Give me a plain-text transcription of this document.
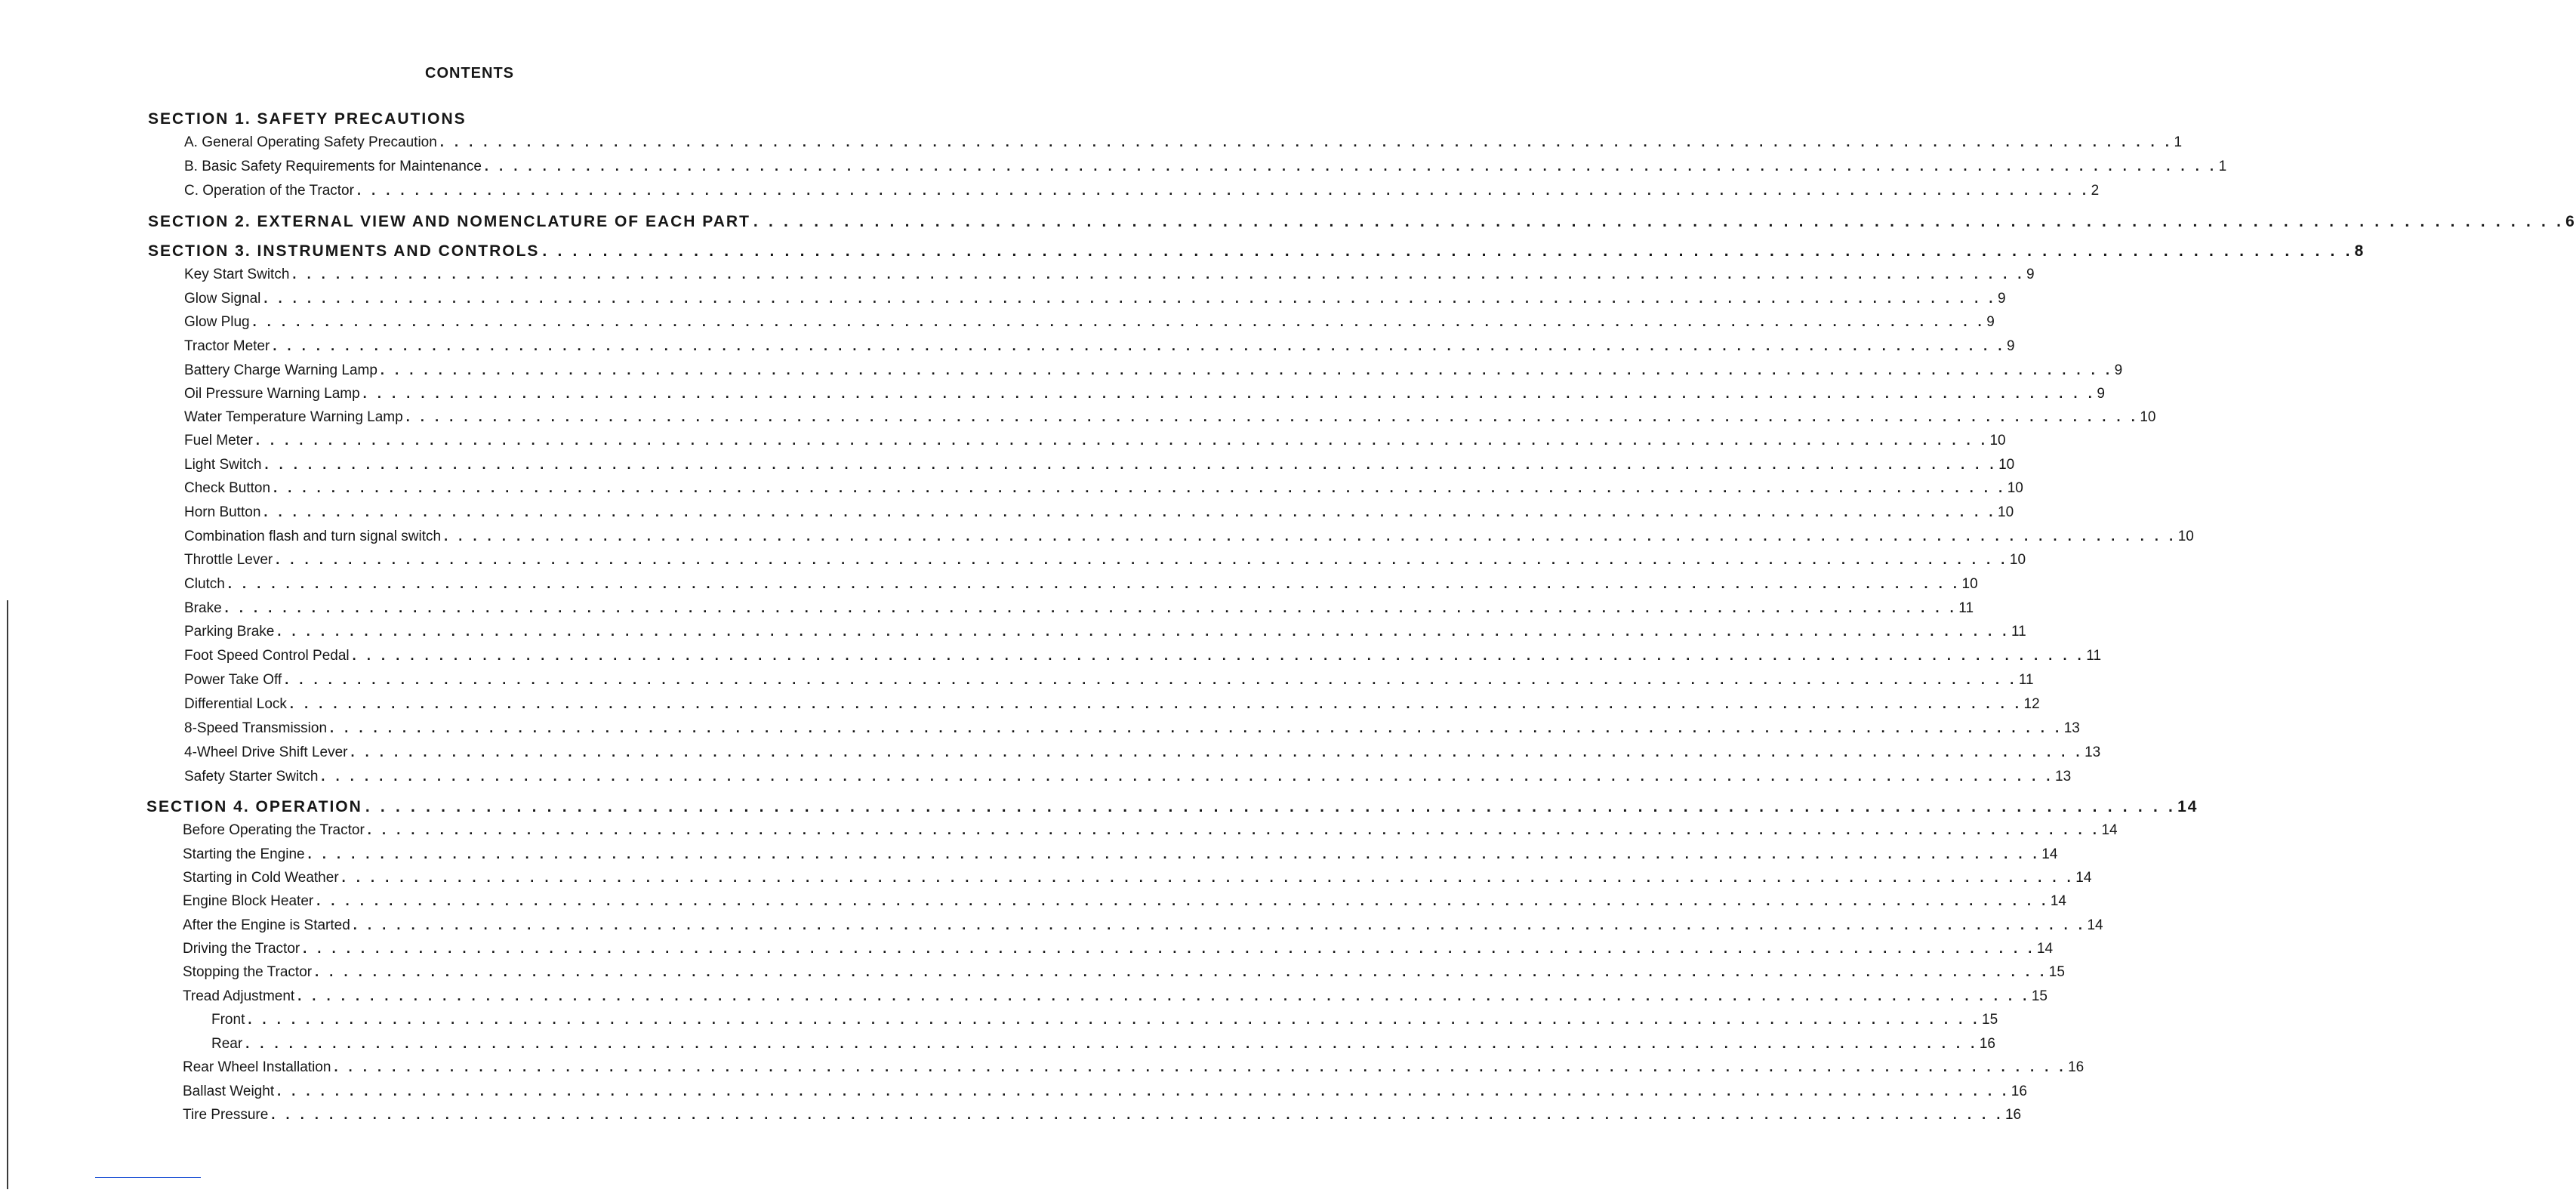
CONTENTS
SECTION 1. SAFETY PRECAUTIONS
A. General Operating Safety Precaution . . . . . . . . . . . . . . . . . . . . . . . . . . . . . . . . . . . . . . . . . . . . . . . . . . . . . . . . . . . . . . . . . . . . . . . . . . . . . . . . . . . . . . . . . . . . . . . . . . . . . . . . . . . . . . . . . . . . . . . . 1
B. Basic Safety Requirements for Maintenance . . . . . . . . . . . . . . . . . . . . . . . . . . . . . . . . . . . . . . . . . . . . . . . . . . . . . . . . . . . . . . . . . . . . . . . . . . . . . . . . . . . . . . . . . . . . . . . . . . . . . . . . . . . . . . . . . . . . . . . . 1
C. Operation of the Tractor . . . . . . . . . . . . . . . . . . . . . . . . . . . . . . . . . . . . . . . . . . . . . . . . . . . . . . . . . . . . . . . . . . . . . . . . . . . . . . . . . . . . . . . . . . . . . . . . . . . . . . . . . . . . . . . . . . . . . . . . 2
SECTION 2. EXTERNAL VIEW AND NOMENCLATURE OF EACH PART . . . . . . . . . . . . . . . . . . . . . . . . . . . . . . . . . . . . . . . . . . . . . . . . . . . . . . . . . . . . . . . . . . . . . . . . . . . . . . . . . . . . . . . . . . . . . . . . . . . . . . . . . . . . . . . . . . . . . . . . 6
SECTION 3. INSTRUMENTS AND CONTROLS . . . . . . . . . . . . . . . . . . . . . . . . . . . . . . . . . . . . . . . . . . . . . . . . . . . . . . . . . . . . . . . . . . . . . . . . . . . . . . . . . . . . . . . . . . . . . . . . . . . . . . . . . . . . . . . . . . . . . . . . 8
Key Start Switch . . . . . . . . . . . . . . . . . . . . . . . . . . . . . . . . . . . . . . . . . . . . . . . . . . . . . . . . . . . . . . . . . . . . . . . . . . . . . . . . . . . . . . . . . . . . . . . . . . . . . . . . . . . . . . . . . . . . . . . . 9
Glow Signal . . . . . . . . . . . . . . . . . . . . . . . . . . . . . . . . . . . . . . . . . . . . . . . . . . . . . . . . . . . . . . . . . . . . . . . . . . . . . . . . . . . . . . . . . . . . . . . . . . . . . . . . . . . . . . . . . . . . . . . . 9
Glow Plug . . . . . . . . . . . . . . . . . . . . . . . . . . . . . . . . . . . . . . . . . . . . . . . . . . . . . . . . . . . . . . . . . . . . . . . . . . . . . . . . . . . . . . . . . . . . . . . . . . . . . . . . . . . . . . . . . . . . . . . . 9
Tractor Meter . . . . . . . . . . . . . . . . . . . . . . . . . . . . . . . . . . . . . . . . . . . . . . . . . . . . . . . . . . . . . . . . . . . . . . . . . . . . . . . . . . . . . . . . . . . . . . . . . . . . . . . . . . . . . . . . . . . . . . . . 9
Battery Charge Warning Lamp . . . . . . . . . . . . . . . . . . . . . . . . . . . . . . . . . . . . . . . . . . . . . . . . . . . . . . . . . . . . . . . . . . . . . . . . . . . . . . . . . . . . . . . . . . . . . . . . . . . . . . . . . . . . . . . . . . . . . . . . 9
Oil Pressure Warning Lamp . . . . . . . . . . . . . . . . . . . . . . . . . . . . . . . . . . . . . . . . . . . . . . . . . . . . . . . . . . . . . . . . . . . . . . . . . . . . . . . . . . . . . . . . . . . . . . . . . . . . . . . . . . . . . . . . . . . . . . . . 9
Water Temperature Warning Lamp . . . . . . . . . . . . . . . . . . . . . . . . . . . . . . . . . . . . . . . . . . . . . . . . . . . . . . . . . . . . . . . . . . . . . . . . . . . . . . . . . . . . . . . . . . . . . . . . . . . . . . . . . . . . . . . . . . . . . . . . 10
Fuel Meter . . . . . . . . . . . . . . . . . . . . . . . . . . . . . . . . . . . . . . . . . . . . . . . . . . . . . . . . . . . . . . . . . . . . . . . . . . . . . . . . . . . . . . . . . . . . . . . . . . . . . . . . . . . . . . . . . . . . . . . . 10
Light Switch . . . . . . . . . . . . . . . . . . . . . . . . . . . . . . . . . . . . . . . . . . . . . . . . . . . . . . . . . . . . . . . . . . . . . . . . . . . . . . . . . . . . . . . . . . . . . . . . . . . . . . . . . . . . . . . . . . . . . . . . 10
Check Button . . . . . . . . . . . . . . . . . . . . . . . . . . . . . . . . . . . . . . . . . . . . . . . . . . . . . . . . . . . . . . . . . . . . . . . . . . . . . . . . . . . . . . . . . . . . . . . . . . . . . . . . . . . . . . . . . . . . . . . . 10
Horn Button . . . . . . . . . . . . . . . . . . . . . . . . . . . . . . . . . . . . . . . . . . . . . . . . . . . . . . . . . . . . . . . . . . . . . . . . . . . . . . . . . . . . . . . . . . . . . . . . . . . . . . . . . . . . . . . . . . . . . . . . 10
Combination flash and turn signal switch . . . . . . . . . . . . . . . . . . . . . . . . . . . . . . . . . . . . . . . . . . . . . . . . . . . . . . . . . . . . . . . . . . . . . . . . . . . . . . . . . . . . . . . . . . . . . . . . . . . . . . . . . . . . . . . . . . . . . . . . 10
Throttle Lever . . . . . . . . . . . . . . . . . . . . . . . . . . . . . . . . . . . . . . . . . . . . . . . . . . . . . . . . . . . . . . . . . . . . . . . . . . . . . . . . . . . . . . . . . . . . . . . . . . . . . . . . . . . . . . . . . . . . . . . . 10
Clutch . . . . . . . . . . . . . . . . . . . . . . . . . . . . . . . . . . . . . . . . . . . . . . . . . . . . . . . . . . . . . . . . . . . . . . . . . . . . . . . . . . . . . . . . . . . . . . . . . . . . . . . . . . . . . . . . . . . . . . . . 10
Brake . . . . . . . . . . . . . . . . . . . . . . . . . . . . . . . . . . . . . . . . . . . . . . . . . . . . . . . . . . . . . . . . . . . . . . . . . . . . . . . . . . . . . . . . . . . . . . . . . . . . . . . . . . . . . . . . . . . . . . . . 11
Parking Brake . . . . . . . . . . . . . . . . . . . . . . . . . . . . . . . . . . . . . . . . . . . . . . . . . . . . . . . . . . . . . . . . . . . . . . . . . . . . . . . . . . . . . . . . . . . . . . . . . . . . . . . . . . . . . . . . . . . . . . . . 11
Foot Speed Control Pedal . . . . . . . . . . . . . . . . . . . . . . . . . . . . . . . . . . . . . . . . . . . . . . . . . . . . . . . . . . . . . . . . . . . . . . . . . . . . . . . . . . . . . . . . . . . . . . . . . . . . . . . . . . . . . . . . . . . . . . . . 11
Power Take Off . . . . . . . . . . . . . . . . . . . . . . . . . . . . . . . . . . . . . . . . . . . . . . . . . . . . . . . . . . . . . . . . . . . . . . . . . . . . . . . . . . . . . . . . . . . . . . . . . . . . . . . . . . . . . . . . . . . . . . . . 11
Differential Lock . . . . . . . . . . . . . . . . . . . . . . . . . . . . . . . . . . . . . . . . . . . . . . . . . . . . . . . . . . . . . . . . . . . . . . . . . . . . . . . . . . . . . . . . . . . . . . . . . . . . . . . . . . . . . . . . . . . . . . . . 12
8-Speed Transmission . . . . . . . . . . . . . . . . . . . . . . . . . . . . . . . . . . . . . . . . . . . . . . . . . . . . . . . . . . . . . . . . . . . . . . . . . . . . . . . . . . . . . . . . . . . . . . . . . . . . . . . . . . . . . . . . . . . . . . . . 13
4-Wheel Drive Shift Lever . . . . . . . . . . . . . . . . . . . . . . . . . . . . . . . . . . . . . . . . . . . . . . . . . . . . . . . . . . . . . . . . . . . . . . . . . . . . . . . . . . . . . . . . . . . . . . . . . . . . . . . . . . . . . . . . . . . . . . . . 13
Safety Starter Switch . . . . . . . . . . . . . . . . . . . . . . . . . . . . . . . . . . . . . . . . . . . . . . . . . . . . . . . . . . . . . . . . . . . . . . . . . . . . . . . . . . . . . . . . . . . . . . . . . . . . . . . . . . . . . . . . . . . . . . . . 13
SECTION 4. OPERATION . . . . . . . . . . . . . . . . . . . . . . . . . . . . . . . . . . . . . . . . . . . . . . . . . . . . . . . . . . . . . . . . . . . . . . . . . . . . . . . . . . . . . . . . . . . . . . . . . . . . . . . . . . . . . . . . . . . . . . . . 14
Before Operating the Tractor . . . . . . . . . . . . . . . . . . . . . . . . . . . . . . . . . . . . . . . . . . . . . . . . . . . . . . . . . . . . . . . . . . . . . . . . . . . . . . . . . . . . . . . . . . . . . . . . . . . . . . . . . . . . . . . . . . . . . . . . 14
Starting the Engine . . . . . . . . . . . . . . . . . . . . . . . . . . . . . . . . . . . . . . . . . . . . . . . . . . . . . . . . . . . . . . . . . . . . . . . . . . . . . . . . . . . . . . . . . . . . . . . . . . . . . . . . . . . . . . . . . . . . . . . . 14
Starting in Cold Weather . . . . . . . . . . . . . . . . . . . . . . . . . . . . . . . . . . . . . . . . . . . . . . . . . . . . . . . . . . . . . . . . . . . . . . . . . . . . . . . . . . . . . . . . . . . . . . . . . . . . . . . . . . . . . . . . . . . . . . . . 14
Engine Block Heater . . . . . . . . . . . . . . . . . . . . . . . . . . . . . . . . . . . . . . . . . . . . . . . . . . . . . . . . . . . . . . . . . . . . . . . . . . . . . . . . . . . . . . . . . . . . . . . . . . . . . . . . . . . . . . . . . . . . . . . . 14
After the Engine is Started . . . . . . . . . . . . . . . . . . . . . . . . . . . . . . . . . . . . . . . . . . . . . . . . . . . . . . . . . . . . . . . . . . . . . . . . . . . . . . . . . . . . . . . . . . . . . . . . . . . . . . . . . . . . . . . . . . . . . . . . 14
Driving the Tractor . . . . . . . . . . . . . . . . . . . . . . . . . . . . . . . . . . . . . . . . . . . . . . . . . . . . . . . . . . . . . . . . . . . . . . . . . . . . . . . . . . . . . . . . . . . . . . . . . . . . . . . . . . . . . . . . . . . . . . . . 14
Stopping the Tractor . . . . . . . . . . . . . . . . . . . . . . . . . . . . . . . . . . . . . . . . . . . . . . . . . . . . . . . . . . . . . . . . . . . . . . . . . . . . . . . . . . . . . . . . . . . . . . . . . . . . . . . . . . . . . . . . . . . . . . . . 15
Tread Adjustment . . . . . . . . . . . . . . . . . . . . . . . . . . . . . . . . . . . . . . . . . . . . . . . . . . . . . . . . . . . . . . . . . . . . . . . . . . . . . . . . . . . . . . . . . . . . . . . . . . . . . . . . . . . . . . . . . . . . . . . . 15
Front . . . . . . . . . . . . . . . . . . . . . . . . . . . . . . . . . . . . . . . . . . . . . . . . . . . . . . . . . . . . . . . . . . . . . . . . . . . . . . . . . . . . . . . . . . . . . . . . . . . . . . . . . . . . . . . . . . . . . . . . 15
Rear . . . . . . . . . . . . . . . . . . . . . . . . . . . . . . . . . . . . . . . . . . . . . . . . . . . . . . . . . . . . . . . . . . . . . . . . . . . . . . . . . . . . . . . . . . . . . . . . . . . . . . . . . . . . . . . . . . . . . . . . 16
Rear Wheel Installation . . . . . . . . . . . . . . . . . . . . . . . . . . . . . . . . . . . . . . . . . . . . . . . . . . . . . . . . . . . . . . . . . . . . . . . . . . . . . . . . . . . . . . . . . . . . . . . . . . . . . . . . . . . . . . . . . . . . . . . . 16
Ballast Weight . . . . . . . . . . . . . . . . . . . . . . . . . . . . . . . . . . . . . . . . . . . . . . . . . . . . . . . . . . . . . . . . . . . . . . . . . . . . . . . . . . . . . . . . . . . . . . . . . . . . . . . . . . . . . . . . . . . . . . . . 16
Tire Pressure . . . . . . . . . . . . . . . . . . . . . . . . . . . . . . . . . . . . . . . . . . . . . . . . . . . . . . . . . . . . . . . . . . . . . . . . . . . . . . . . . . . . . . . . . . . . . . . . . . . . . . . . . . . . . . . . . . . . . . . . 16
